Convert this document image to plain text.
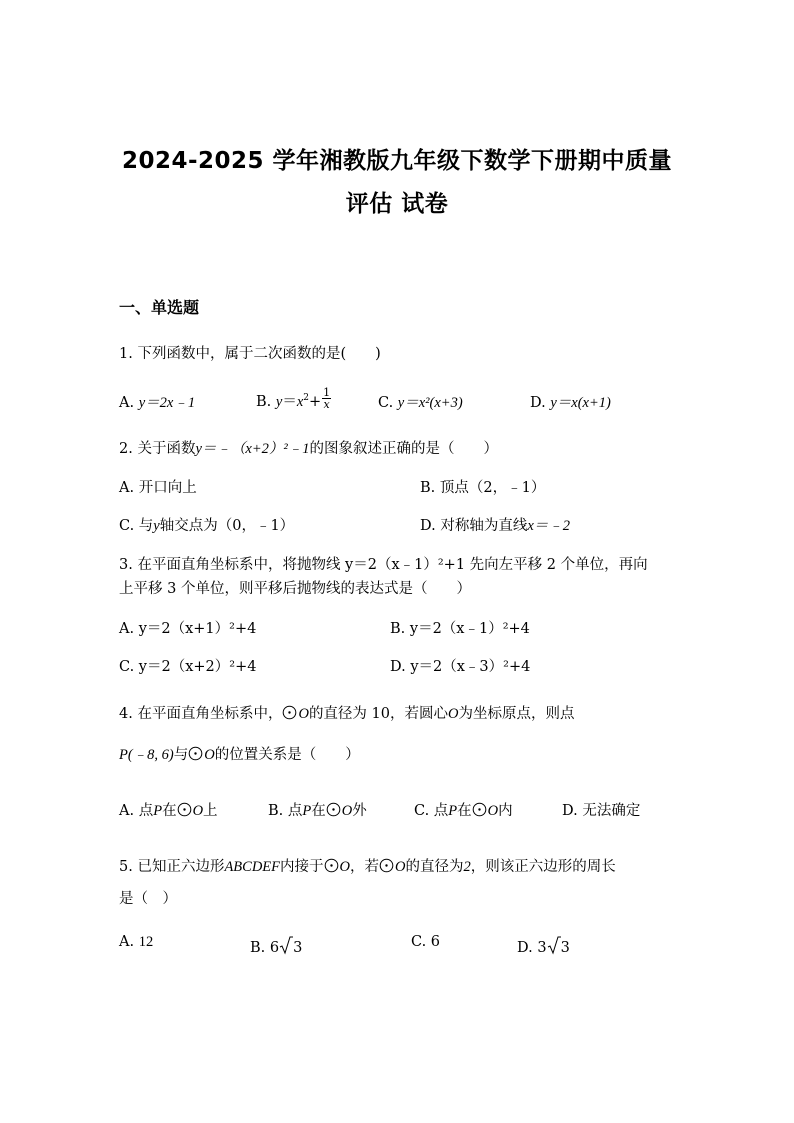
2024-2025 学年湘教版九年级下数学下册期中质量
评估 试卷
一、单选题
1. 下列函数中，属于二次函数的是(　　)
A. y＝2x﹣1	B. $y=x^2+ \frac{1}{x}$	C. y＝x²(x+3)	D. y＝x(x+1)
2. 关于函数y＝﹣（x+2）²﹣1的图象叙述正确的是（　　）
A. 开口向上	B. 顶点（2，﹣1）
C. 与y轴交点为（0，﹣1）	D. 对称轴为直线x＝﹣2
3. 在平面直角坐标系中，将抛物线 y＝2（x﹣1）²+1 先向左平移 2 个单位，再向
上平移 3 个单位，则平移后抛物线的表达式是（　　）
A. y＝2（x+1）²+4	B. y＝2（x﹣1）²+4
C. y＝2（x+2）²+4	D. y＝2（x﹣3）²+4
4. 在平面直角坐标系中， O的直径为 10，若圆心O为坐标原点，则点
P(﹣8, 6)与 O的位置关系是（　　）
A. 点P在 O上	B. 点P在 O外	C. 点P在 O内	D. 无法确定
5. 已知正六边形ABCDEF内接于 O，若 O的直径为2，则该正六边形的周长
是（　）
A. 12	B. 6 3	C. 6	D. 3 3
